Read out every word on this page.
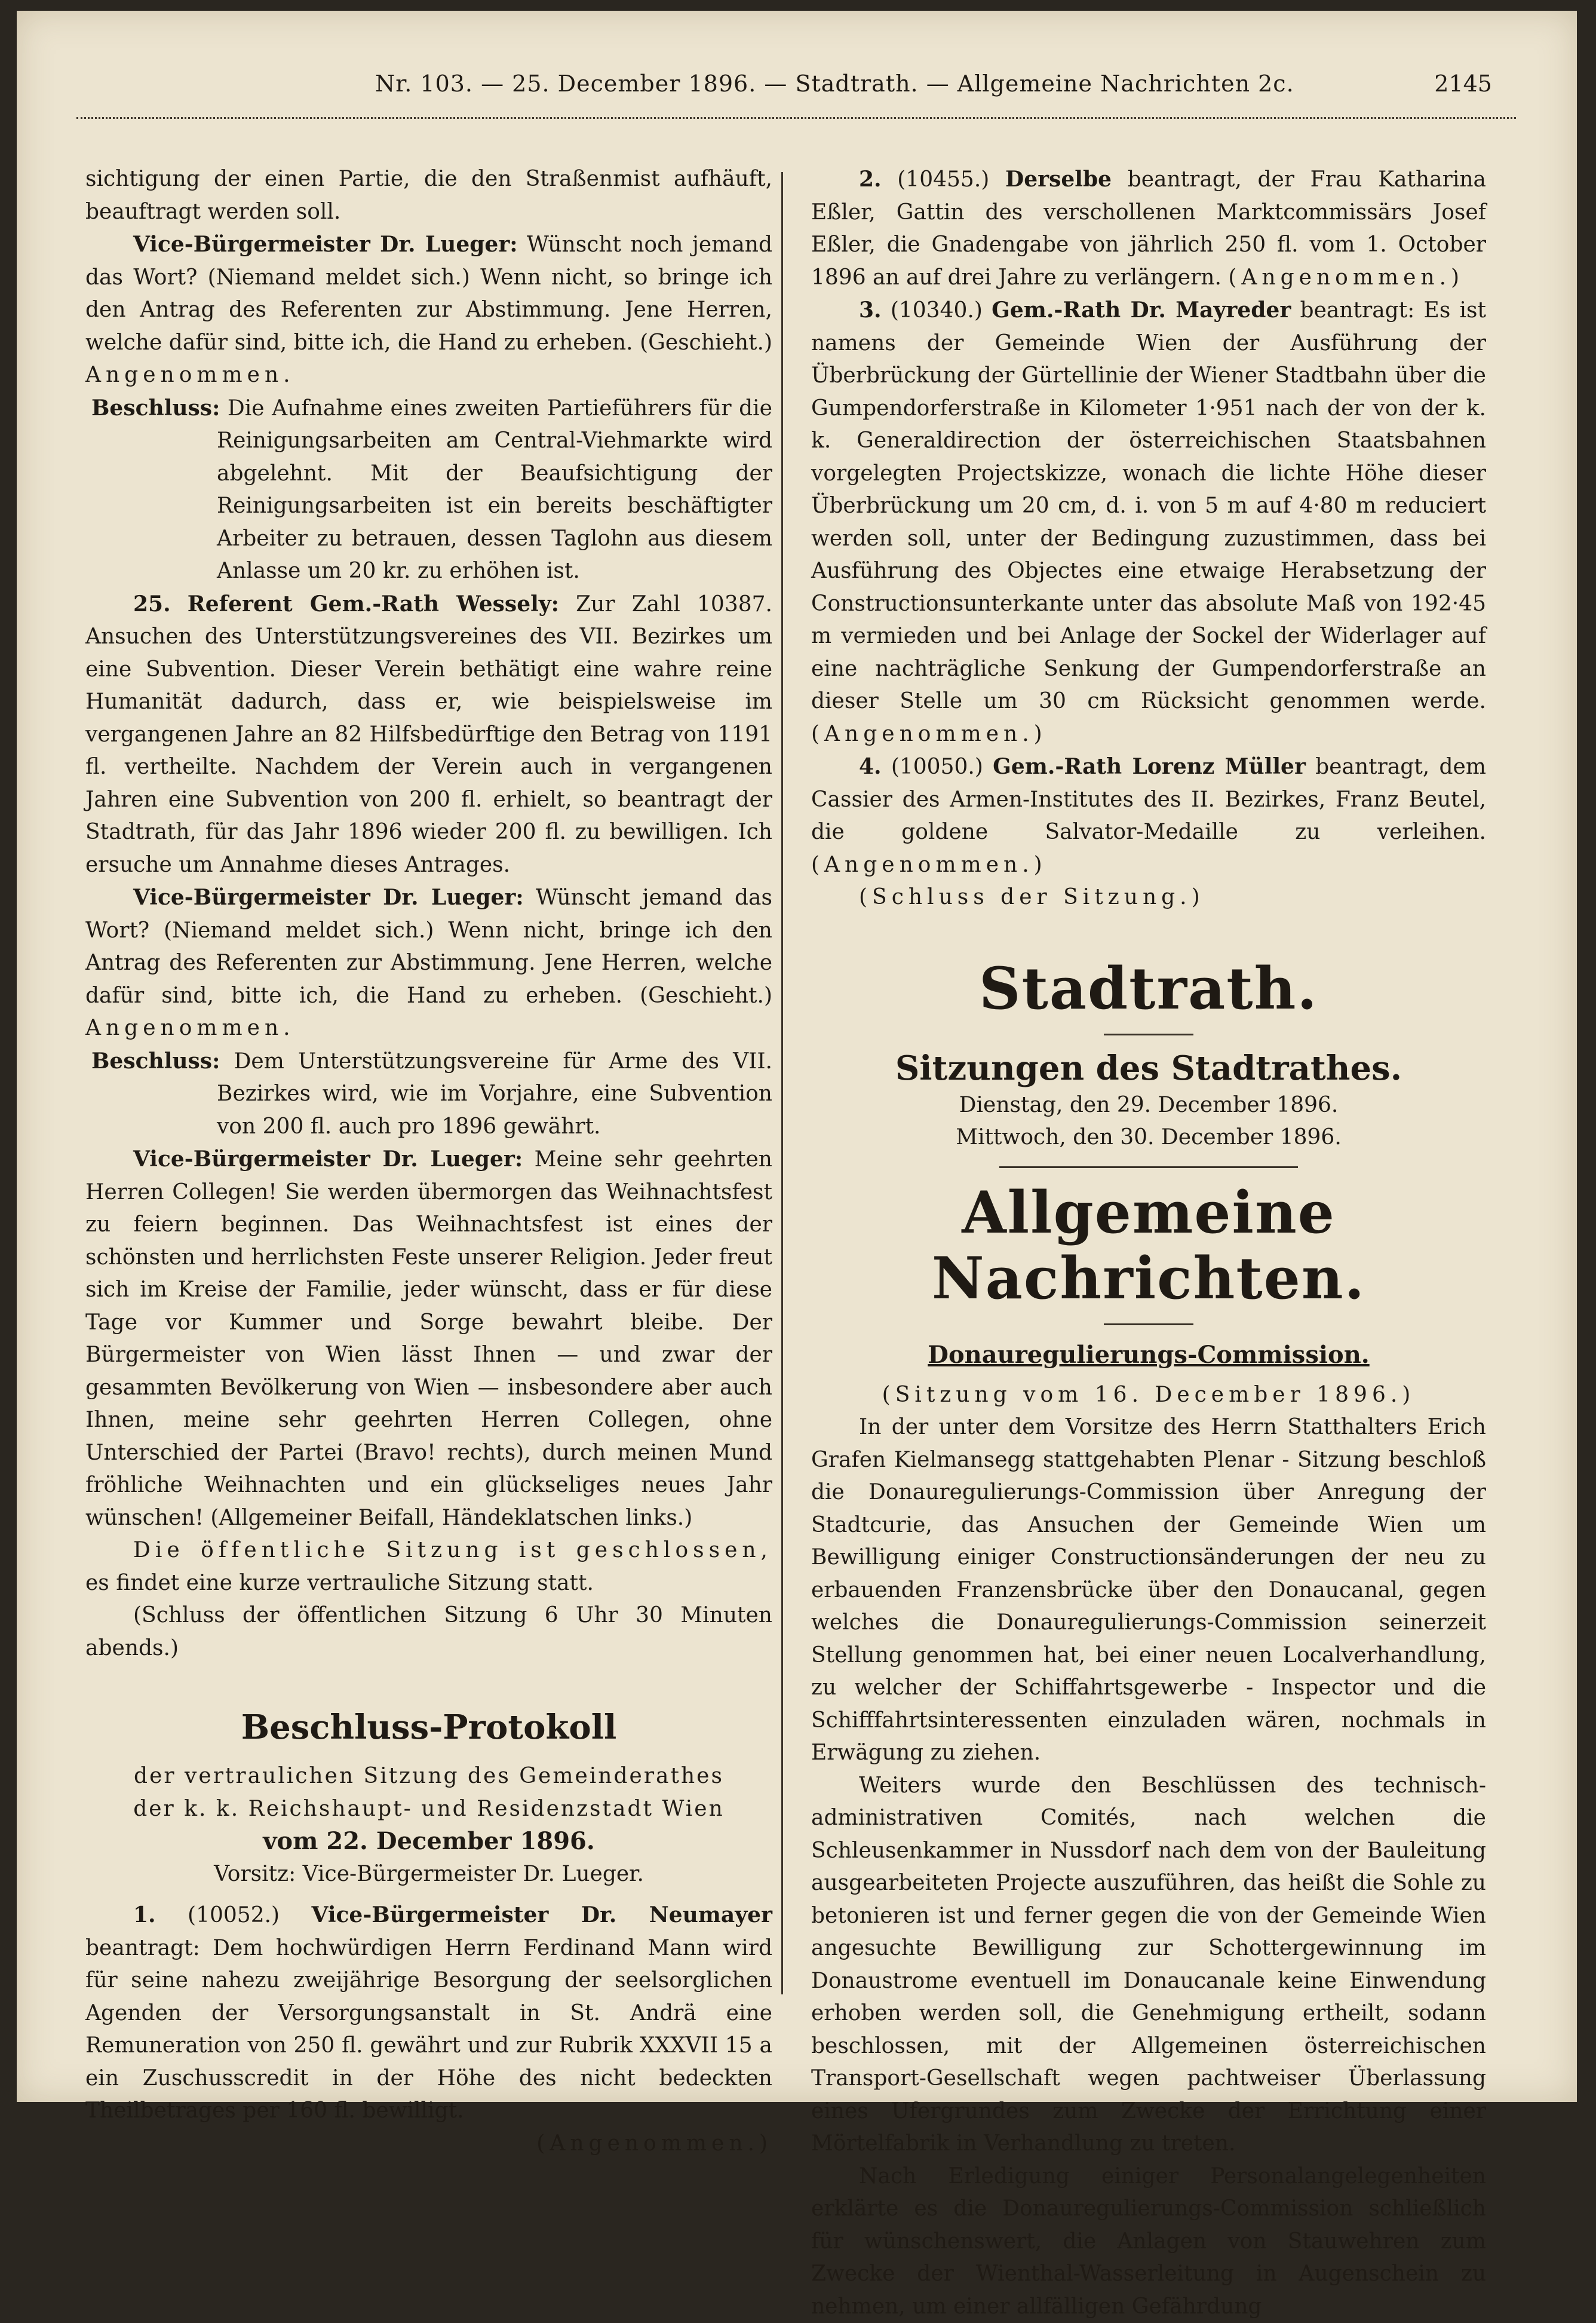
Nr. 103. — 25. December 1896. — Stadtrath. — Allgemeine Nachrichten 2c.	2145

sichtigung der einen Partie, die den Straßenmist aufhäuft, beauftragt werden soll.

Vice-Bürgermeister Dr. Lueger: Wünscht noch jemand das Wort? (Niemand meldet sich.) Wenn nicht, so bringe ich den Antrag des Referenten zur Abstimmung. Jene Herren, welche dafür sind, bitte ich, die Hand zu erheben. (Geschieht.) Angenommen.

Beschluss: Die Aufnahme eines zweiten Partieführers für die Reinigungsarbeiten am Central-Viehmarkte wird abgelehnt. Mit der Beaufsichtigung der Reinigungsarbeiten ist ein bereits beschäftigter Arbeiter zu betrauen, dessen Taglohn aus diesem Anlasse um 20 kr. zu erhöhen ist.

25. Referent Gem.-Rath Wessely: Zur Zahl 10387. Ansuchen des Unterstützungsvereines des VII. Bezirkes um eine Subvention. Dieser Verein bethätigt eine wahre reine Humanität dadurch, dass er, wie beispielsweise im vergangenen Jahre an 82 Hilfsbedürftige den Betrag von 1191 fl. vertheilte. Nachdem der Verein auch in vergangenen Jahren eine Subvention von 200 fl. erhielt, so beantragt der Stadtrath, für das Jahr 1896 wieder 200 fl. zu bewilligen. Ich ersuche um Annahme dieses Antrages.

Vice-Bürgermeister Dr. Lueger: Wünscht jemand das Wort? (Niemand meldet sich.) Wenn nicht, bringe ich den Antrag des Referenten zur Abstimmung. Jene Herren, welche dafür sind, bitte ich, die Hand zu erheben. (Geschieht.) Angenommen.

Beschluss: Dem Unterstützungsvereine für Arme des VII. Bezirkes wird, wie im Vorjahre, eine Subvention von 200 fl. auch pro 1896 gewährt.

Vice-Bürgermeister Dr. Lueger: Meine sehr geehrten Herren Collegen! Sie werden übermorgen das Weihnachtsfest zu feiern beginnen. Das Weihnachtsfest ist eines der schönsten und herrlichsten Feste unserer Religion. Jeder freut sich im Kreise der Familie, jeder wünscht, dass er für diese Tage vor Kummer und Sorge bewahrt bleibe. Der Bürgermeister von Wien lässt Ihnen — und zwar der gesammten Bevölkerung von Wien — insbesondere aber auch Ihnen, meine sehr geehrten Herren Collegen, ohne Unterschied der Partei (Bravo! rechts), durch meinen Mund fröhliche Weihnachten und ein glückseliges neues Jahr wünschen! (Allgemeiner Beifall, Händeklatschen links.)

Die öffentliche Sitzung ist geschlossen, es findet eine kurze vertrauliche Sitzung statt.

(Schluss der öffentlichen Sitzung 6 Uhr 30 Minuten abends.)

Beschluss-Protokoll

der vertraulichen Sitzung des Gemeinderathes der k. k. Reichshaupt- und Residenzstadt Wien

vom 22. December 1896.

Vorsitz: Vice-Bürgermeister Dr. Lueger.

1. (10052.) Vice-Bürgermeister Dr. Neumayer beantragt: Dem hochwürdigen Herrn Ferdinand Mann wird für seine nahezu zweijährige Besorgung der seelsorglichen Agenden der Versorgungsanstalt in St. Andrä eine Remuneration von 250 fl. gewährt und zur Rubrik XXXVII 15 a ein Zuschusscredit in der Höhe des nicht bedeckten Theilbetrages per 160 fl. bewilligt.

(Angenommen.)

2. (10455.) Derselbe beantragt, der Frau Katharina Eßler, Gattin des verschollenen Marktcommissärs Josef Eßler, die Gnadengabe von jährlich 250 fl. vom 1. October 1896 an auf drei Jahre zu verlängern. (Angenommen.)

3. (10340.) Gem.-Rath Dr. Mayreder beantragt: Es ist namens der Gemeinde Wien der Ausführung der Überbrückung der Gürtellinie der Wiener Stadtbahn über die Gumpendorferstraße in Kilometer 1·951 nach der von der k. k. Generaldirection der österreichischen Staatsbahnen vorgelegten Projectskizze, wonach die lichte Höhe dieser Überbrückung um 20 cm, d. i. von 5 m auf 4·80 m reduciert werden soll, unter der Bedingung zuzustimmen, dass bei Ausführung des Objectes eine etwaige Herabsetzung der Constructionsunterkante unter das absolute Maß von 192·45 m vermieden und bei Anlage der Sockel der Widerlager auf eine nachträgliche Senkung der Gumpendorferstraße an dieser Stelle um 30 cm Rücksicht genommen werde. (Angenommen.)

4. (10050.) Gem.-Rath Lorenz Müller beantragt, dem Cassier des Armen-Institutes des II. Bezirkes, Franz Beutel, die goldene Salvator-Medaille zu verleihen. (Angenommen.)

(Schluss der Sitzung.)

Stadtrath.

Sitzungen des Stadtrathes.

Dienstag, den 29. December 1896.

Mittwoch, den 30. December 1896.

Allgemeine Nachrichten.

Donauregulierungs-Commission.

(Sitzung vom 16. December 1896.)

In der unter dem Vorsitze des Herrn Statthalters Erich Grafen Kielmansegg stattgehabten Plenar - Sitzung beschloß die Donauregulierungs-Commission über Anregung der Stadtcurie, das Ansuchen der Gemeinde Wien um Bewilligung einiger Constructionsänderungen der neu zu erbauenden Franzensbrücke über den Donaucanal, gegen welches die Donauregulierungs-Commission seinerzeit Stellung genommen hat, bei einer neuen Localverhandlung, zu welcher der Schiffahrtsgewerbe - Inspector und die Schifffahrtsinteressenten einzuladen wären, nochmals in Erwägung zu ziehen.

Weiters wurde den Beschlüssen des technisch-administrativen Comités, nach welchen die Schleusenkammer in Nussdorf nach dem von der Bauleitung ausgearbeiteten Projecte auszuführen, das heißt die Sohle zu betonieren ist und ferner gegen die von der Gemeinde Wien angesuchte Bewilligung zur Schottergewinnung im Donaustrome eventuell im Donaucanale keine Einwendung erhoben werden soll, die Genehmigung ertheilt, sodann beschlossen, mit der Allgemeinen österreichischen Transport-Gesellschaft wegen pachtweiser Überlassung eines Ufergrundes zum Zwecke der Errichtung einer Mörtelfabrik in Verhandlung zu treten.

Nach Erledigung einiger Personalangelegenheiten erklärte es die Donauregulierungs-Commission schließlich für wünschenswert, die Anlagen von Stauwehren zum Zwecke der Wienthal-Wasserleitung in Augenschein zu nehmen, um einer allfälligen Gefährdung
